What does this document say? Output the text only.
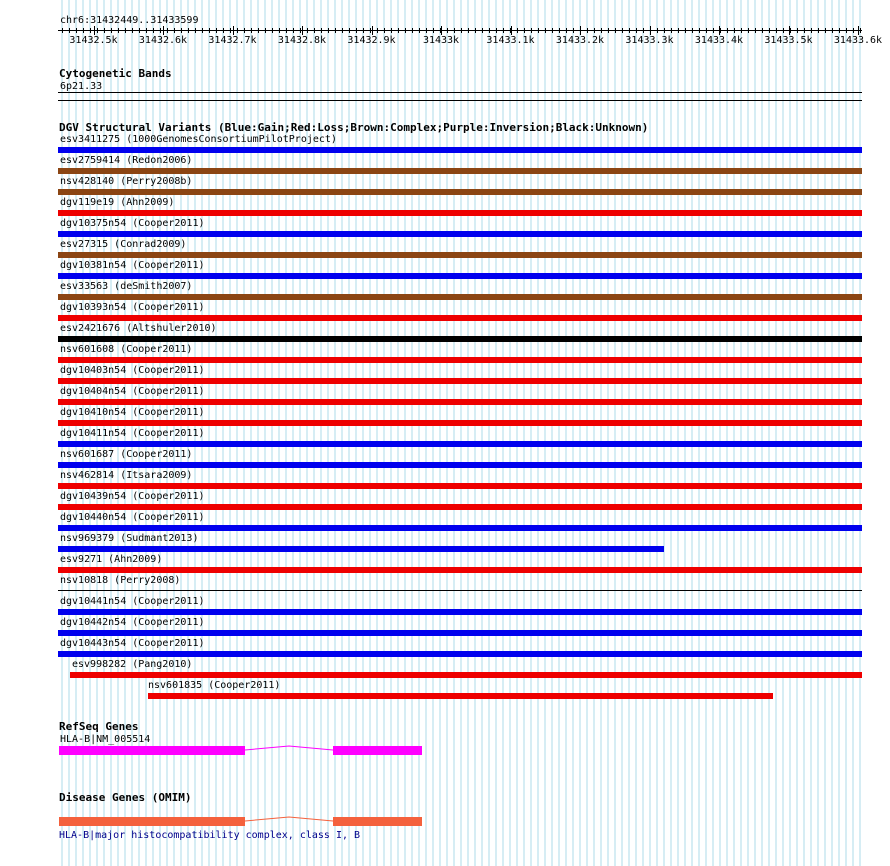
chr6:31432449..31433599
31432.5k 31432.6k 31432.7k 31432.8k 31432.9k	31433k	31433.1k 31433.2k 31433.3k 31433.4k 31433.5k 31433.6k
Cytogenetic Bands
6p21.33
DGV Structural Variants (Blue:Gain;Red:Loss;Brown:Complex;Purple:Inversion;Black:Unknown)
esv3411275 (1000GenomesConsortiumPilotProject)
esv2759414 (Redon2006)
nsv428140 (Perry2008b)
dgv119e19 (Ahn2009)
dgv10375n54 (Cooper2011)
esv27315 (Conrad2009)
dgv10381n54 (Cooper2011)
esv33563 (deSmith2007)
dgv10393n54 (Cooper2011)
esv2421676 (Altshuler2010)
nsv601608 (Cooper2011)
dgv10403n54 (Cooper2011)
dgv10404n54 (Cooper2011)
dgv10410n54 (Cooper2011)
dgv10411n54 (Cooper2011)
nsv601687 (Cooper2011)
nsv462814 (Itsara2009)
dgv10439n54 (Cooper2011)
dgv10440n54 (Cooper2011)
nsv969379 (Sudmant2013)
esv9271 (Ahn2009)
nsv10818 (Perry2008)
dgv10441n54 (Cooper2011)
dgv10442n54 (Cooper2011)
dgv10443n54 (Cooper2011)
esv998282 (Pang2010)
nsv601835 (Cooper2011)
RefSeq Genes
HLA-B|NM_005514
Disease Genes (OMIM)
HLA-B|major histocompatibility complex, class I, B
